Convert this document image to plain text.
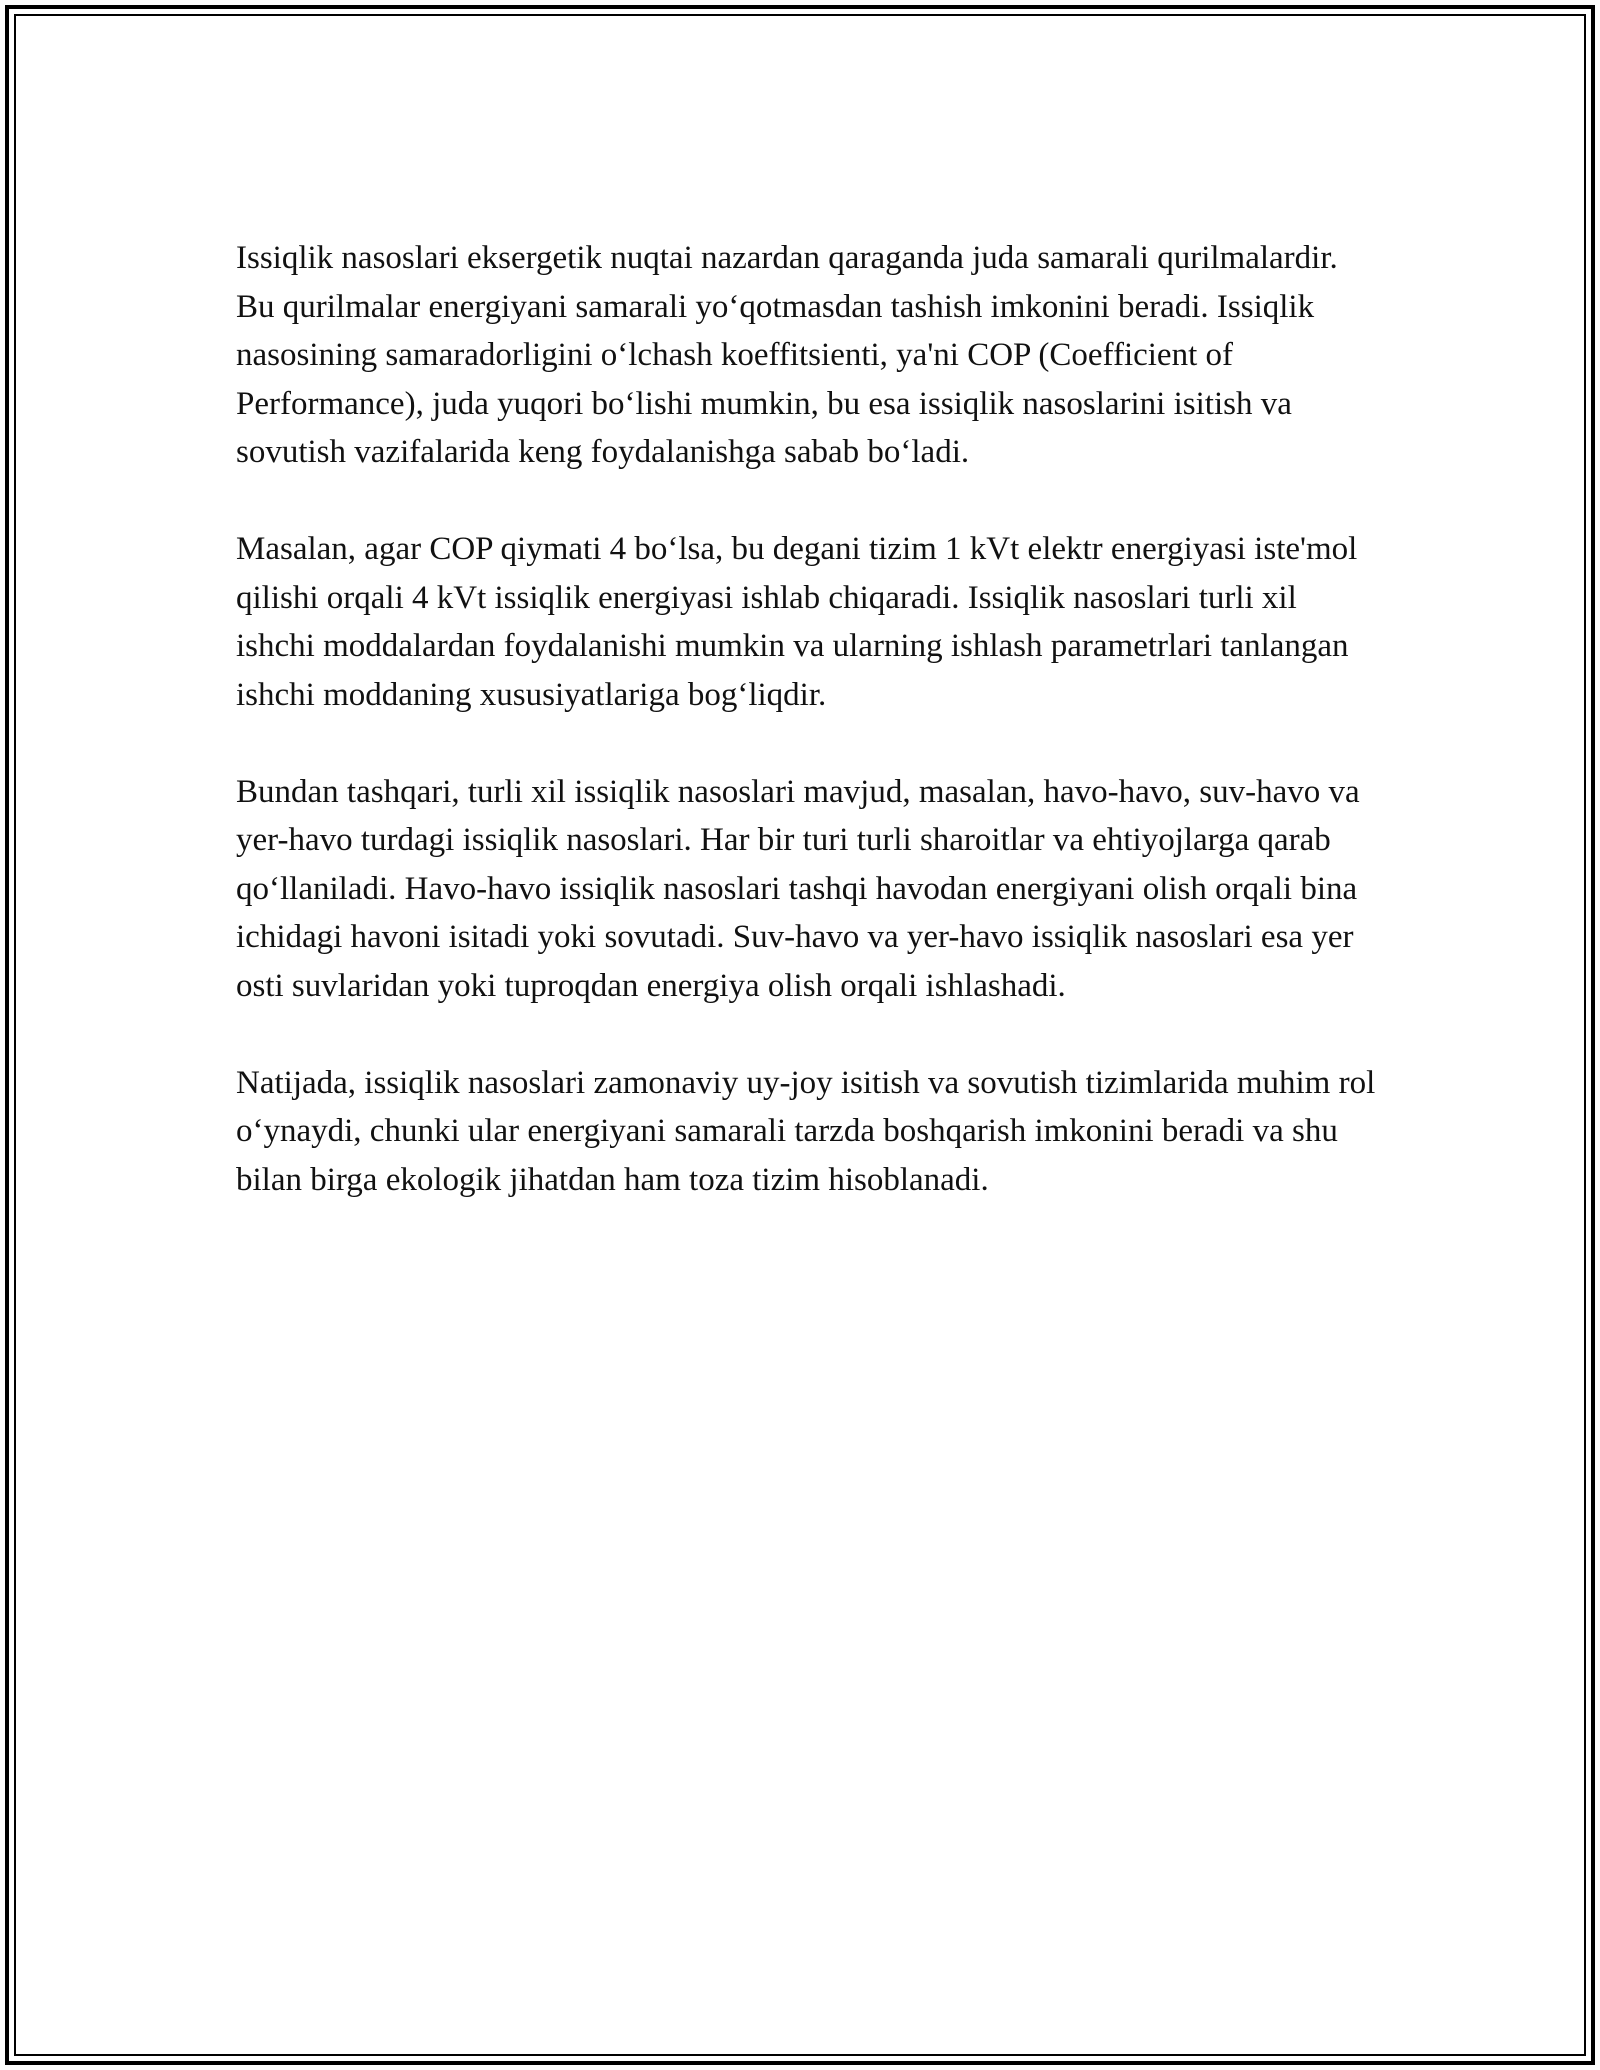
Issiqlik nasoslari eksergetik nuqtai nazardan qaraganda juda samarali qurilmalardir. Bu qurilmalar energiyani samarali yo‘qotmasdan tashish imkonini beradi. Issiqlik nasosining samaradorligini o‘lchash koeffitsienti, ya'ni COP (Coefficient of Performance), juda yuqori bo‘lishi mumkin, bu esa issiqlik nasoslarini isitish va sovutish vazifalarida keng foydalanishga sabab bo‘ladi.

Masalan, agar COP qiymati 4 bo‘lsa, bu degani tizim 1 kVt elektr energiyasi iste'mol qilishi orqali 4 kVt issiqlik energiyasi ishlab chiqaradi. Issiqlik nasoslari turli xil ishchi moddalardan foydalanishi mumkin va ularning ishlash parametrlari tanlangan ishchi moddaning xususiyatlariga bog‘liqdir.

Bundan tashqari, turli xil issiqlik nasoslari mavjud, masalan, havo-havo, suv-havo va yer-havo turdagi issiqlik nasoslari. Har bir turi turli sharoitlar va ehtiyojlarga qarab qo‘llaniladi. Havo-havo issiqlik nasoslari tashqi havodan energiyani olish orqali bina ichidagi havoni isitadi yoki sovutadi. Suv-havo va yer-havo issiqlik nasoslari esa yer osti suvlaridan yoki tuproqdan energiya olish orqali ishlashadi.

Natijada, issiqlik nasoslari zamonaviy uy-joy isitish va sovutish tizimlarida muhim rol o‘ynaydi, chunki ular energiyani samarali tarzda boshqarish imkonini beradi va shu bilan birga ekologik jihatdan ham toza tizim hisoblanadi.
